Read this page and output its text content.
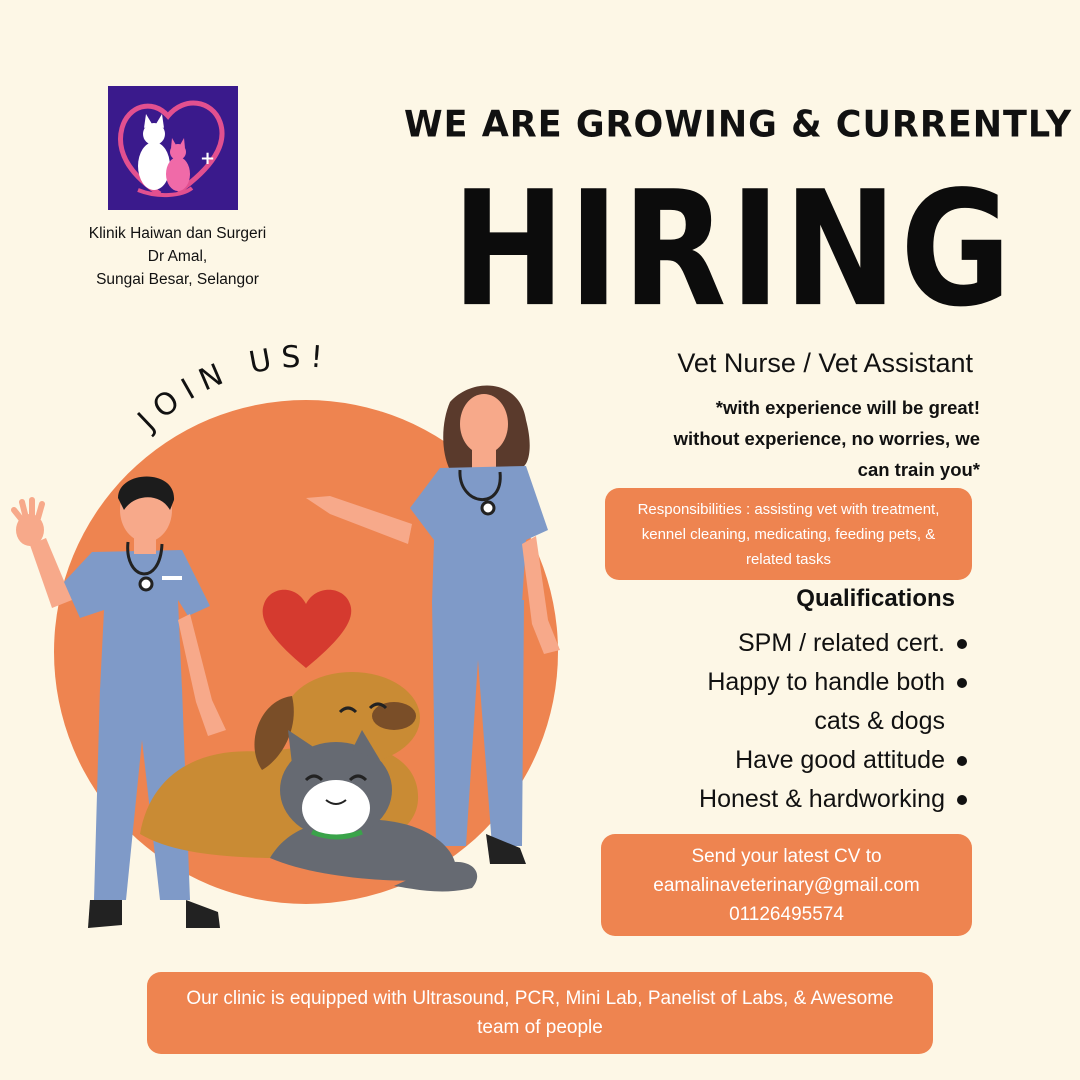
+
Klinik Haiwan dan Surgeri
Dr Amal,
Sungai Besar, Selangor
WE ARE GROWING & CURRENTLY
HIRING
JOIN US!	Vet Nurse / Vet Assistant
*with experience will be great!
without experience, no worries, we
can train you*
Responsibilities : assisting vet with treatment, kennel cleaning, medicating, feeding pets, & related tasks
Qualifications
SPM / related cert.
Happy to handle both
cats & dogs
Have good attitude
Honest & hardworking
Send your latest CV to
eamalinaveterinary@gmail.com
01126495574
Our clinic is equipped with Ultrasound, PCR, Mini Lab, Panelist of Labs, & Awesome team of people
